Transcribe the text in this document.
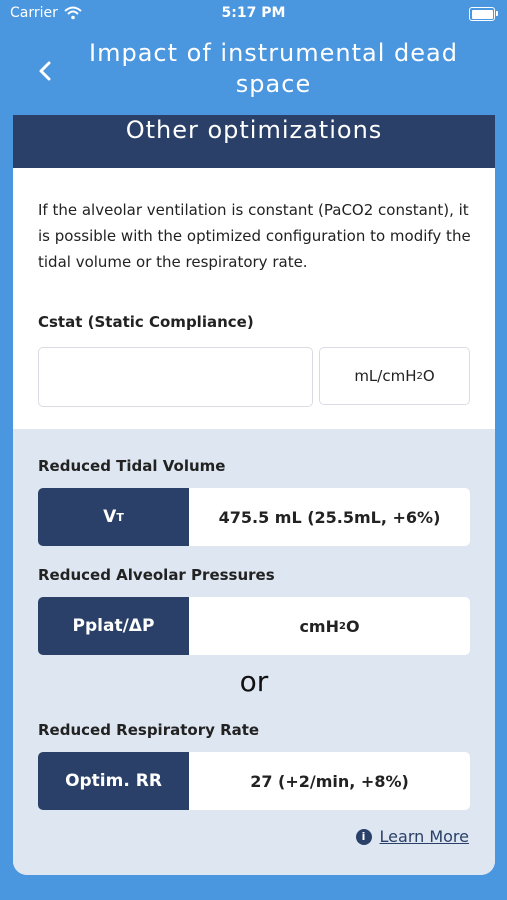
Carrier	5:17 PM
Impact of instrumental dead space
Other optimizations
If the alveolar ventilation is constant (PaCO2 constant), it is possible with the optimized configuration to modify the tidal volume or the respiratory rate.
Cstat (Static Compliance)
mL/cmH 2 O
Reduced Tidal Volume
V T	475.5 mL (25.5mL, +6%)
Reduced Alveolar Pressures
Pplat/ΔP	cmH 2 O
or
Reduced Respiratory Rate
Optim. RR	27 (+2/min, +8%)
i Learn More
